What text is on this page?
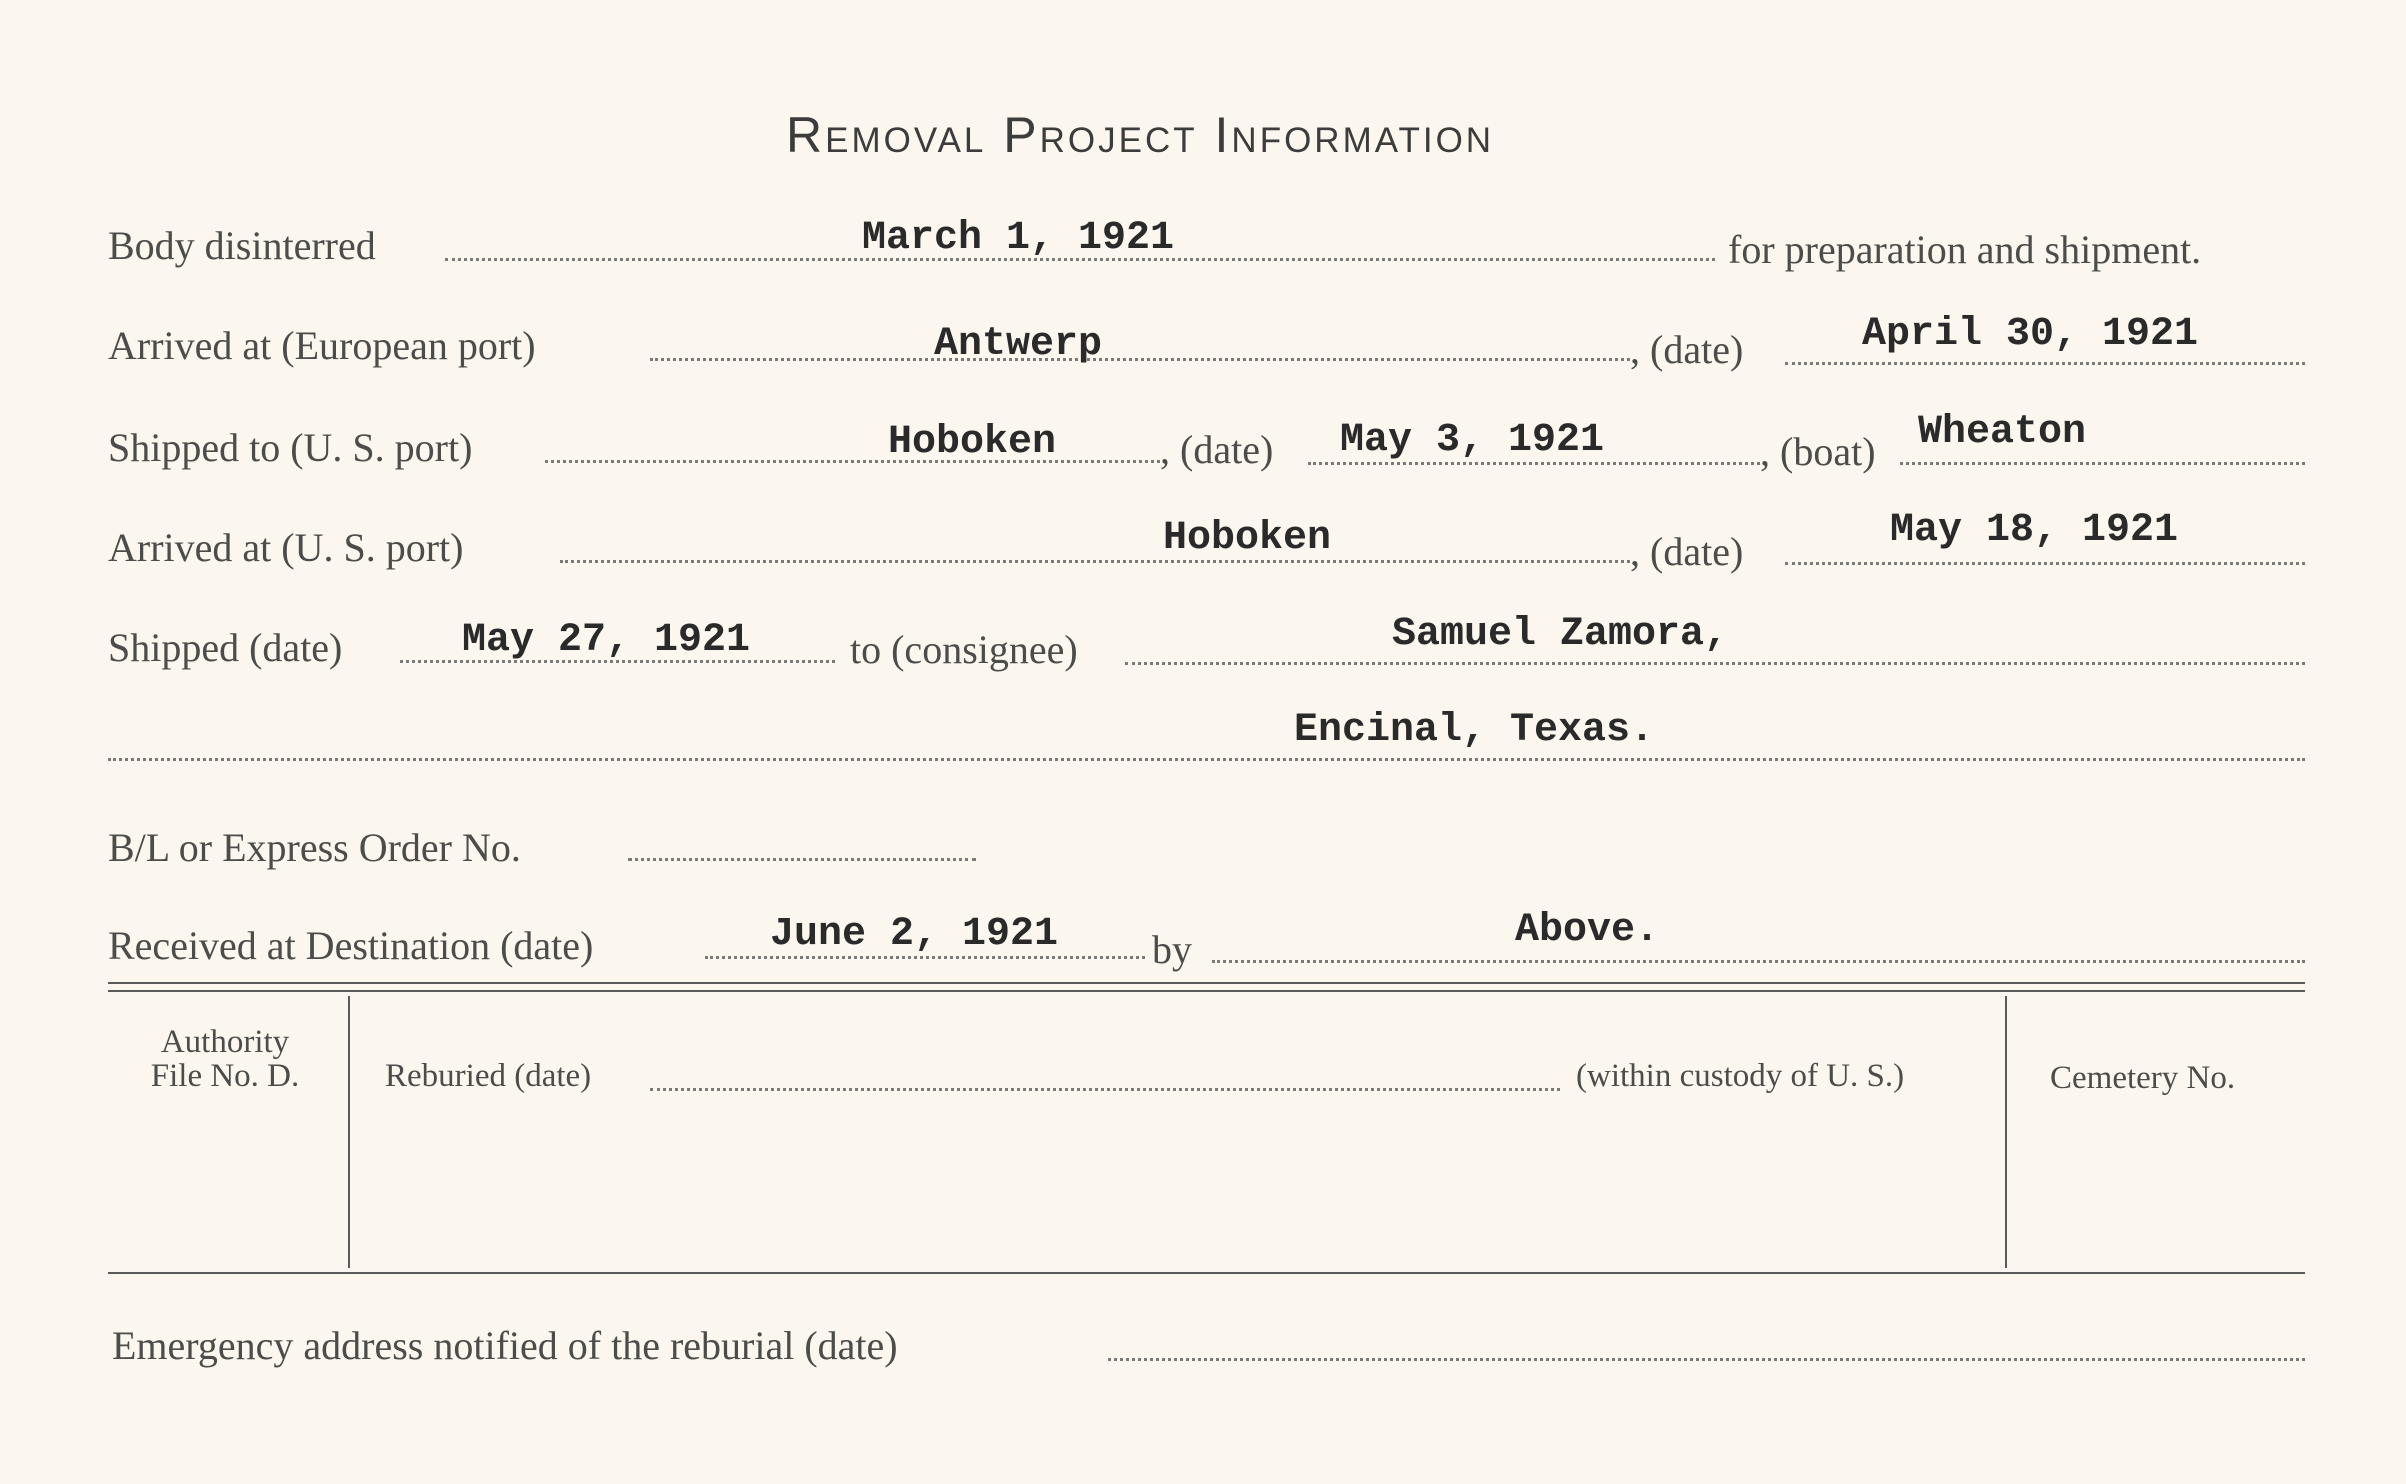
Removal Project Information
Body disinterred	March 1, 1921	for preparation and shipment.
Arrived at (European port)	Antwerp	, (date)	April 30, 1921
Shipped to (U. S. port)	Hoboken	, (date) May 3, 1921	, (boat) Wheaton
Arrived at (U. S. port)	Hoboken	, (date)	May 18, 1921
Shipped (date)	May 27, 1921 to (consignee)	Samuel Zamora,
Encinal, Texas.
B/L or Express Order No.
Received at Destination (date)	June 2, 1921 by	Above.
Authority
File No. D.	Reburied (date)	(within custody of U. S.)	Cemetery No.
Emergency address notified of the reburial (date)
